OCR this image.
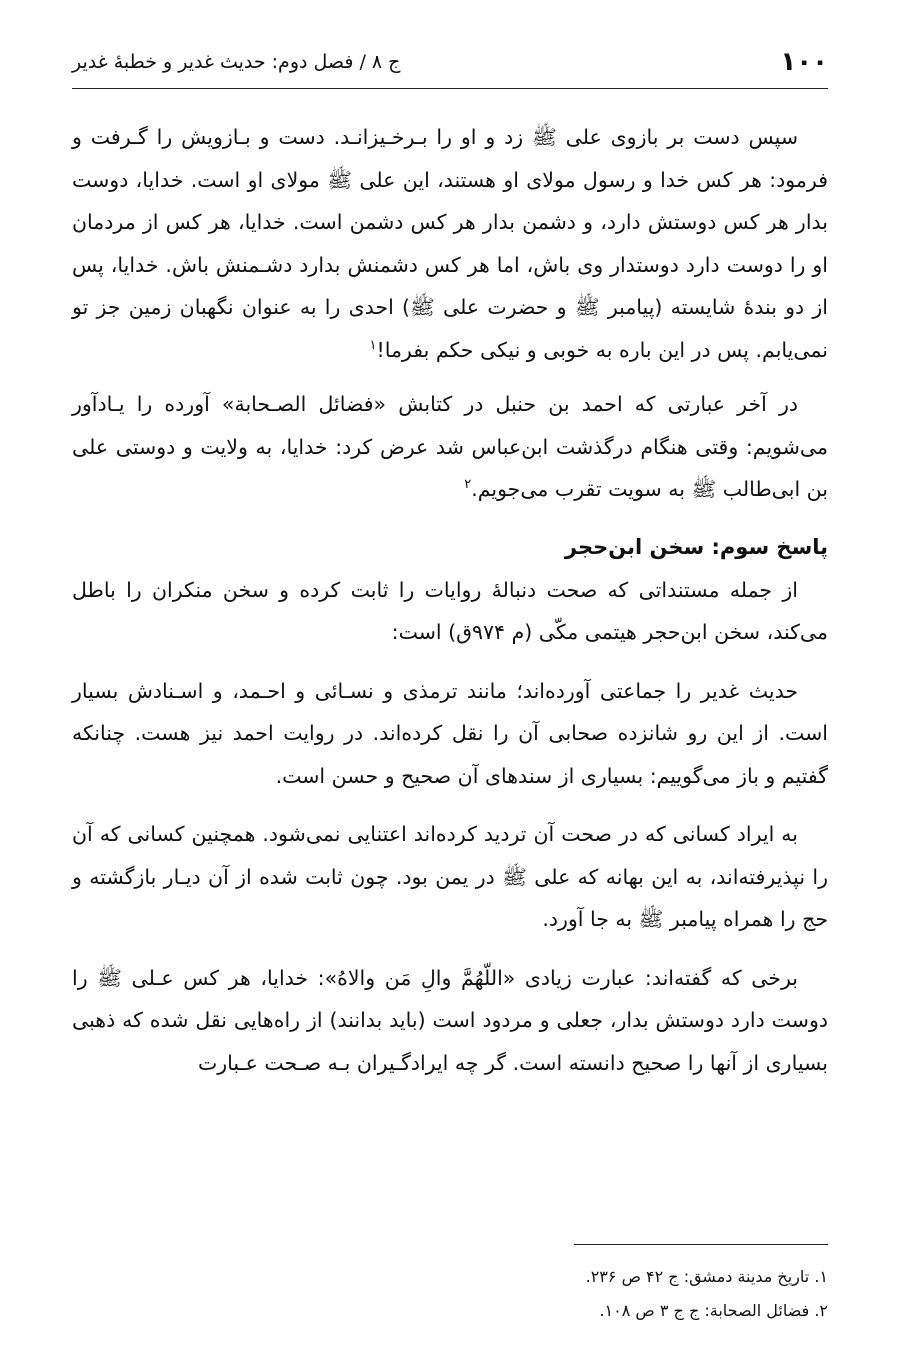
۱۰۰
ج ۸ / فصل دوم: حدیث غدیر و خطبهٔ غدیر

سپس دست بر بازوی علی ﷺ زد و او را بـرخـیزانـد. دست و بـازویش را گـرفت و فرمود: هر کس خدا و رسول مولای او هستند، این علی ﷺ مولای او است. خدایا، دوست بدار هر کس دوستش دارد، و دشمن بدار هر کس دشمن است. خدایا، هر کس از مردمان او را دوست دارد دوستدار وی باش، اما هر کس دشمنش بدارد دشـمنش باش. خدایا، پس از دو بندهٔ شایسته (پیامبر ﷺ و حضرت علی ﷺ) احدی را به عنوان نگهبان زمین جز تو نمی‌یابم. پس در این باره به خوبی و نیکی حکم بفرما!$^۱$

در آخر عبارتی که احمد بن حنبل در کتابش «فضائل الصـحابة» آورده را یـادآور می‌شویم: وقتی هنگام درگذشت ابن‌عباس شد عرض کرد: خدایا، به ولایت و دوستی علی بن ابی‌طالب ﷺ به سویت تقرب می‌جویم.$^۲$

پاسخ سوم: سخن ابن‌حجر

از جمله مستنداتی که صحت دنبالهٔ روایات را ثابت کرده و سخن منکران را باطل می‌کند، سخن ابن‌حجر هیتمی مکّی (م ۹۷۴ق) است:

حدیث غدیر را جماعتی آورده‌اند؛ مانند ترمذی و نسـائی و احـمد، و اسـنادش بسیار است. از این رو شانزده صحابی آن را نقل کرده‌اند. در روایت احمد نیز هست. چنانکه گفتیم و باز می‌گوییم: بسیاری از سندهای آن صحیح و حسن است.

به ایراد کسانی که در صحت آن تردید کرده‌اند اعتنایی نمی‌شود. همچنین کسانی که آن را نپذیرفته‌اند، به این بهانه که علی ﷺ در یمن بود. چون ثابت شده از آن دیـار بازگشته و حج را همراه پیامبر ﷺ به جا آورد.

برخی که گفته‌اند: عبارت زیادی «اللّهُمَّ والِ مَن والاهُ»: خدایا، هر کس عـلی ﷺ را دوست دارد دوستش بدار، جعلی و مردود است (باید بدانند) از راه‌هایی نقل شده که ذهبی بسیاری از آنها را صحیح دانسته است. گر چه ایرادگـیران بـه صـحت عـبارت

۱. تاریخ مدینة دمشق: ج ۴۲ ص ۲۳۶.

۲. فضائل الصحابة: ج ج ۳ ص ۱۰۸.
